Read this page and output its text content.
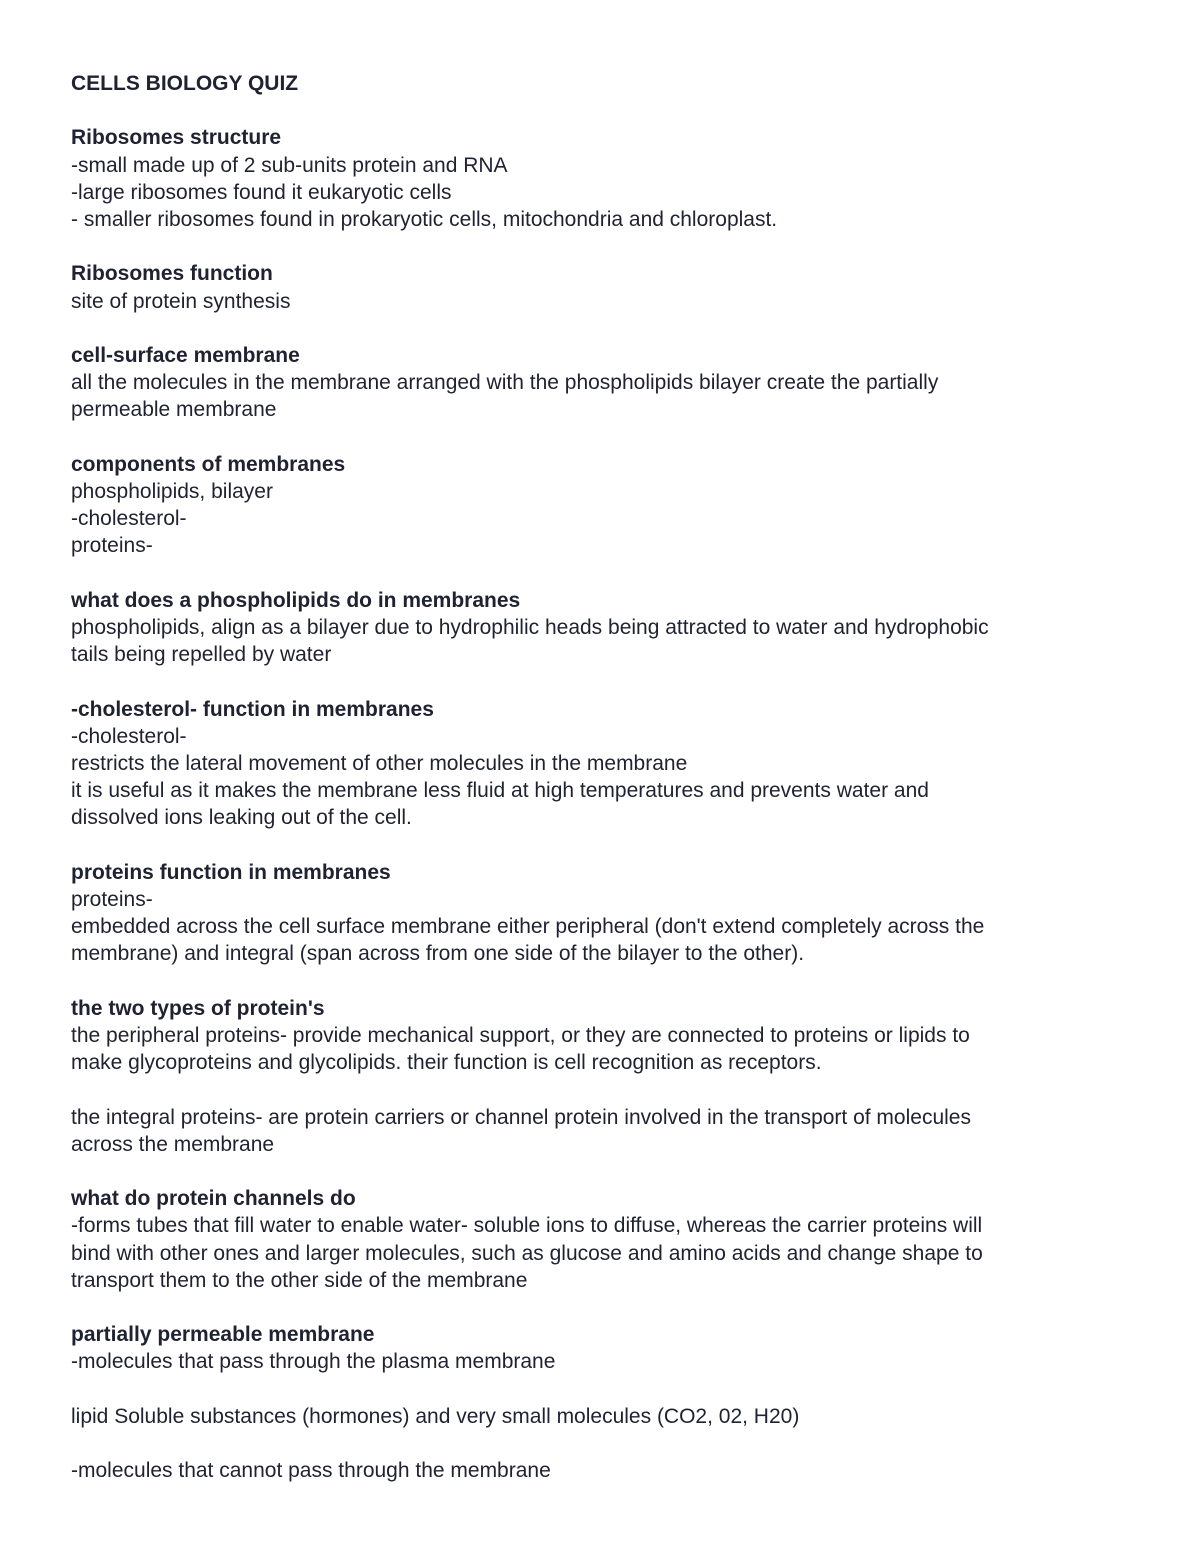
CELLS BIOLOGY QUIZ
Ribosomes structure
-small made up of 2 sub-units protein and RNA
-large ribosomes found it eukaryotic cells
- smaller ribosomes found in prokaryotic cells, mitochondria and chloroplast.
Ribosomes function
site of protein synthesis
cell-surface membrane
all the molecules in the membrane arranged with the phospholipids bilayer create the partially
permeable membrane
components of membranes
phospholipids, bilayer
-cholesterol-
proteins-
what does a phospholipids do in membranes
phospholipids, align as a bilayer due to hydrophilic heads being attracted to water and hydrophobic
tails being repelled by water
-cholesterol- function in membranes
-cholesterol-
restricts the lateral movement of other molecules in the membrane
it is useful as it makes the membrane less fluid at high temperatures and prevents water and
dissolved ions leaking out of the cell.
proteins function in membranes
proteins-
embedded across the cell surface membrane either peripheral (don't extend completely across the
membrane) and integral (span across from one side of the bilayer to the other).
the two types of protein's
the peripheral proteins- provide mechanical support, or they are connected to proteins or lipids to
make glycoproteins and glycolipids. their function is cell recognition as receptors.
the integral proteins- are protein carriers or channel protein involved in the transport of molecules
across the membrane
what do protein channels do
-forms tubes that fill water to enable water- soluble ions to diffuse, whereas the carrier proteins will
bind with other ones and larger molecules, such as glucose and amino acids and change shape to
transport them to the other side of the membrane
partially permeable membrane
-molecules that pass through the plasma membrane
lipid Soluble substances (hormones) and very small molecules (CO2, 02, H20)
-molecules that cannot pass through the membrane
